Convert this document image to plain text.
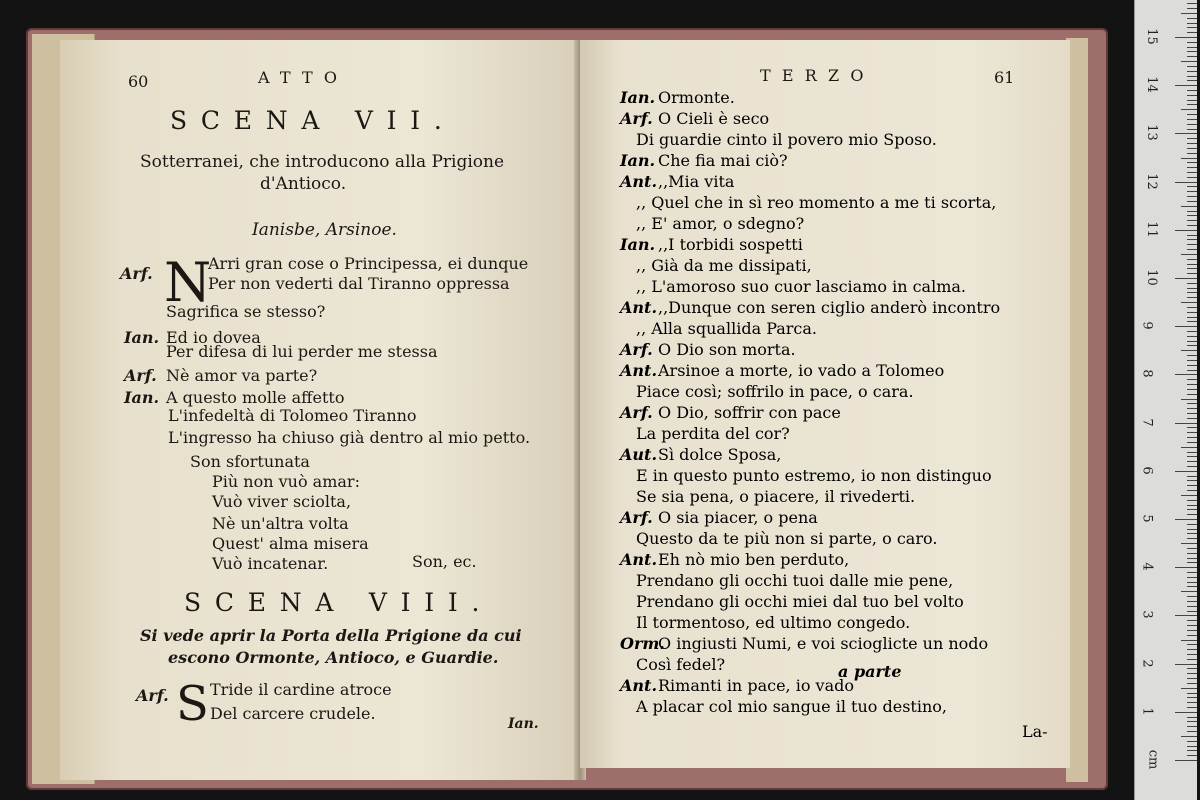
60	ATTO
SCENA VII.
Sotterranei, che introducono alla Prigione
d'Antioco.
Ianisbe, Arsinoe.
Arf. N
Arri gran cose o Principessa, ei dunque
Per non vederti dal Tiranno oppressa
Sagrifica se stesso?
Ian. Ed io dovea
Per difesa di lui perder me stessa
Arf. Nè amor va parte?
Ian. A questo molle affetto
L'infedeltà di Tolomeo Tiranno
L'ingresso ha chiuso già dentro al mio petto.
Son sfortunata
Più non vuò amar:
Vuò viver sciolta,
Nè un'altra volta
Quest' alma misera
Vuò incatenar.	Son, ec.
SCENA VIII.
Si vede aprir la Porta della Prigione da cui
escono Ormonte, Antioco, e Guardie.
Arf. S Tride il cardine atroce
Del carcere crudele.
Ian.
TERZO	61
Ian. Ormonte.
Arf. O Cieli è seco
Di guardie cinto il povero mio Sposo.
Ian. Che fia mai ciò?
Ant. ,,Mia vita
,, Quel che in sì reo momento a me ti scorta,
,, E' amor, o sdegno?
Ian. ,,I torbidi sospetti
,, Già da me dissipati,
,, L'amoroso suo cuor lasciamo in calma.
Ant. ,,Dunque con seren ciglio anderò incontro
,, Alla squallida Parca.
Arf. O Dio son morta.
Ant. Arsinoe a morte, io vado a Tolomeo
Piace così; soffrilo in pace, o cara.
Arf. O Dio, soffrir con pace
La perdita del cor?
Aut. Sì dolce Sposa,
E in questo punto estremo, io non distinguo
Se sia pena, o piacere, il rivederti.
Arf. O sia piacer, o pena
Questo da te più non si parte, o caro.
Ant. Eh nò mio ben perduto,
Prendano gli occhi tuoi dalle mie pene,
Prendano gli occhi miei dal tuo bel volto
Il tormentoso, ed ultimo congedo.
Orm.
O ingiusti Numi, e voi scioglicte un nodo
Così fedel?
Ant. Rimanti in pace, io vado
A placar col mio sangue il tuo destino,
a parte
La-
15
14
13
12
11
10
9
8
7
6
5
4
3
2
1
cm
